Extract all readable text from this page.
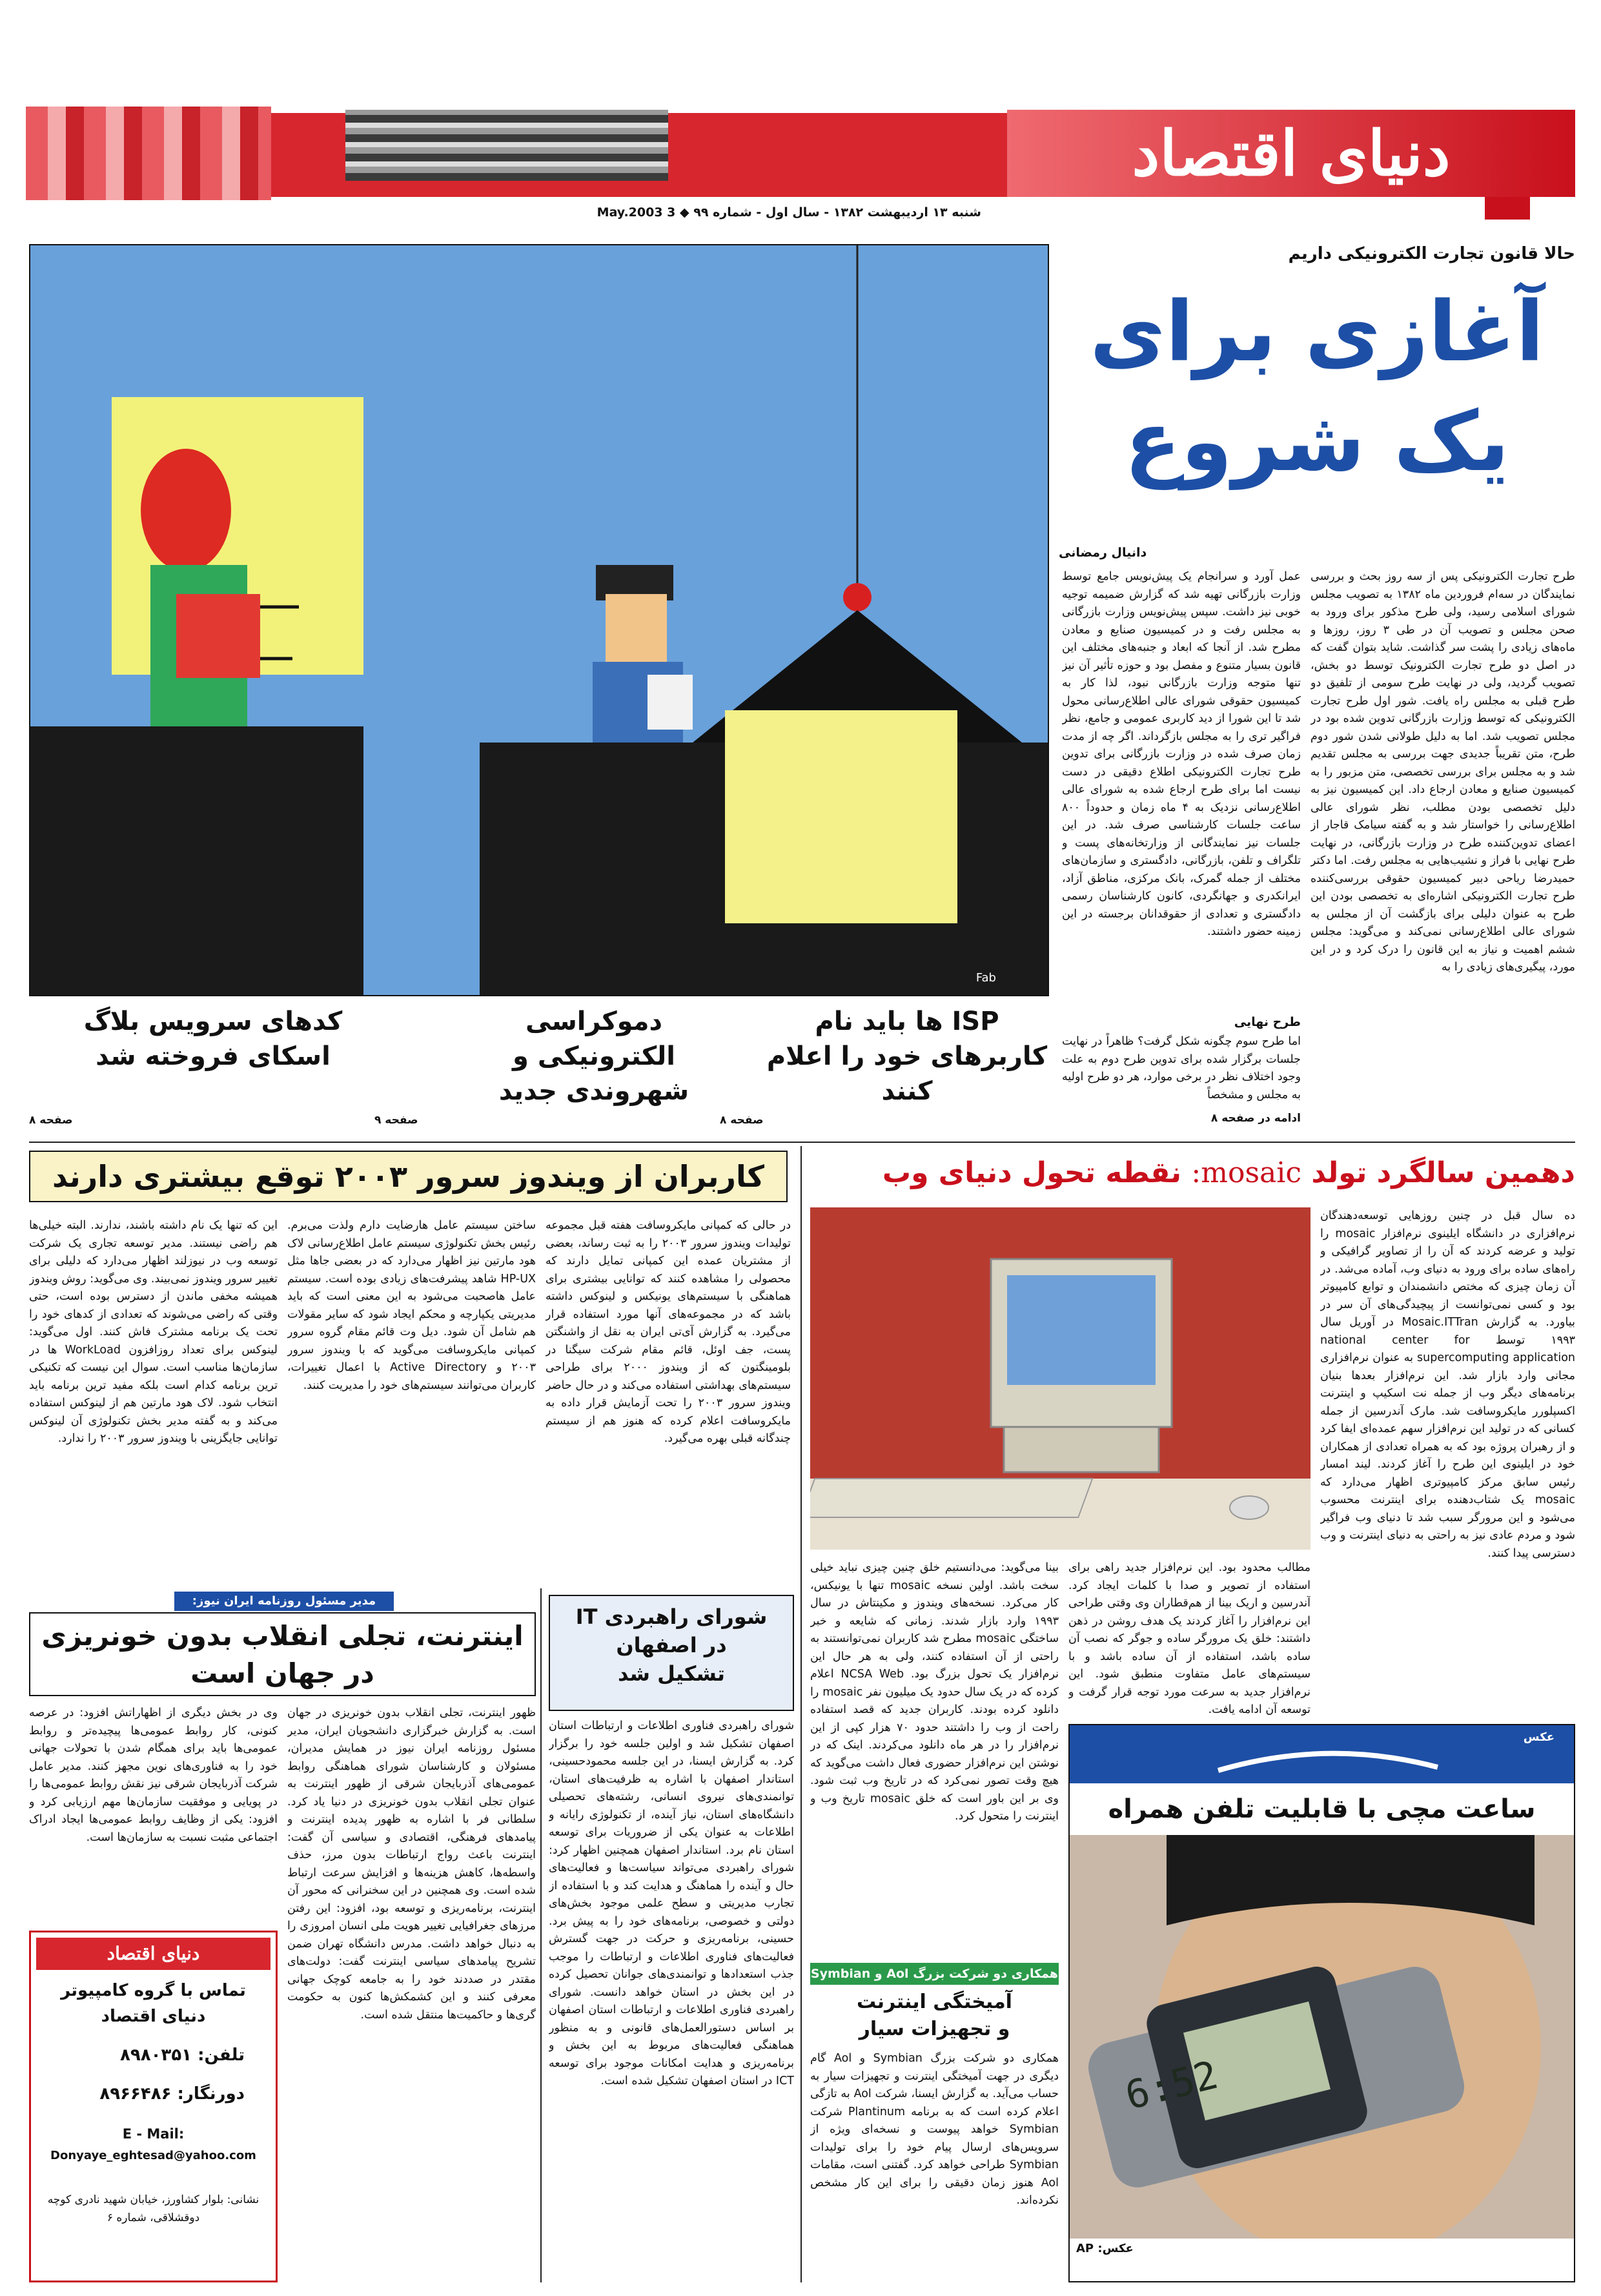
دنیای اقتصاد
شنبه ۱۳ اردیبهشت ۱۳۸۲ - سال اول - شماره ۹۹ ◆ 3 May.2003
Fab
حالا قانون تجارت الکترونیکی داریم
آغازی برای
یک شروع
دانیال رمضانی
طرح تجارت الکترونیکی پس از سه روز بحث و بررسی نمایندگان در سه‌ام فروردین ماه ۱۳۸۲ به تصویب مجلس شورای اسلامی رسید، ولی طرح مذکور برای ورود به صحن مجلس و تصویب آن در طی ۳ روز، روزها و ماه‌های زیادی را پشت سر گذاشت. شاید بتوان گفت که در اصل دو طرح تجارت الکترونیک توسط دو بخش، تصویب گردید، ولی در نهایت طرح سومی از تلفیق دو طرح قبلی به مجلس راه یافت. شور اول طرح تجارت الکترونیکی که توسط وزارت بازرگانی تدوین شده بود در مجلس تصویب شد. اما به دلیل طولانی شدن شور دوم طرح، متن تقریباً جدیدی جهت بررسی به مجلس تقدیم شد و به مجلس برای بررسی تخصصی، متن مزبور را به کمیسیون صنایع و معادن ارجاع داد. این کمیسیون نیز به دلیل تخصصی بودن مطلب، نظر شورای عالی اطلاع‌رسانی را خواستار شد و به گفته سیامک قاجار از اعضای تدوین‌کننده طرح در وزارت بازرگانی، در نهایت طرح نهایی با فراز و نشیب‌هایی به مجلس رفت. اما دکتر حمیدرضا ریاحی دبیر کمیسیون حقوقی بررسی‌کننده طرح تجارت الکترونیکی اشاره‌ای به تخصصی بودن این طرح به عنوان دلیلی برای بازگشت آن از مجلس به شورای عالی اطلاع‌رسانی نمی‌کند و می‌گوید: مجلس ششم اهمیت و نیاز به این قانون را درک کرد و در این مورد، پیگیری‌های زیادی را به
عمل آورد و سرانجام یک پیش‌نویس جامع توسط وزارت بازرگانی تهیه شد که گزارش ضمیمه توجیه خوبی نیز داشت. سپس پیش‌نویس وزارت بازرگانی به مجلس رفت و در کمیسیون صنایع و معادن مطرح شد. از آنجا که ابعاد و جنبه‌های مختلف این قانون بسیار متنوع و مفصل بود و حوزه تأثیر آن نیز تنها متوجه وزارت بازرگانی نبود، لذا کار به کمیسیون حقوقی شورای عالی اطلاع‌رسانی محول شد تا این شورا از دید کاربری عمومی و جامع، نظر فراگیر تری را به مجلس بازگرداند. اگر چه از مدت زمان صرف شده در وزارت بازرگانی برای تدوین طرح تجارت الکترونیکی اطلاع دقیقی در دست نیست اما برای طرح ارجاع شده به شورای عالی اطلاع‌رسانی نزدیک به ۴ ماه زمان و حدوداً ۸۰۰ ساعت جلسات کارشناسی صرف شد. در این جلسات نیز نمایندگانی از وزارتخانه‌های پست و تلگراف و تلفن، بازرگانی، دادگستری و سازمان‌های مختلف از جمله گمرک، بانک مرکزی، مناطق آزاد، ایرانکدری و جهانگردی، کانون کارشناسان رسمی دادگستری و تعدادی از حقوقدانان برجسته در این زمینه حضور داشتند.
طرح نهایی
اما طرح سوم چگونه شکل گرفت؟ ظاهراً در نهایت جلسات برگزار شده برای تدوین طرح دوم به علت وجود اختلاف نظر در برخی موارد، هر دو طرح اولیه به مجلس و مشخصاً
ادامه در صفحه ۸
ISP ها باید نام کاربرهای خود را اعلام کنند
صفحه ۸
دموکراسی الکترونیکی و شهروندی جدید
صفحه ۹
کدهای سرویس بلاگ اسکای فروخته شد
صفحه ۸
دهمین سالگرد تولد mosaic: نقطه تحول دنیای وب
ده سال قبل در چنین روزهایی توسعه‌دهندگان نرم‌افزاری در دانشگاه ایلینوی نرم‌افزار mosaic را تولید و عرضه کردند که آن را از تصاویر گرافیکی و راه‌های ساده برای ورود به دنیای وب، آماده می‌شد. در آن زمان چیزی که مختص دانشمندان و توابع کامپیوتر بود و کسی نمی‌توانست از پیچیدگی‌های آن سر در بیاورد. به گزارش Mosaic.ITTran در آوریل سال ۱۹۹۳ توسط national center for supercomputing application به عنوان نرم‌افزاری مجانی وارد بازار شد. این نرم‌افزار بعدها بنیان برنامه‌های دیگر وب از جمله نت اسکیپ و اینترنت اکسپلورر مایکروسافت شد. مارک آندرسین از جمله کسانی که در تولید این نرم‌افزار سهم عمده‌ای ایفا کرد و از رهبران پروژه بود که به همراه تعدادی از همکاران خود در ایلینوی این طرح را آغاز کردند. لیند امسار رئیس سابق مرکز کامپیوتری اظهار می‌دارد که mosaic یک شتاب‌دهنده برای اینترنت محسوب می‌شود و این مرورگر سبب شد تا دنیای وب فراگیر شود و مردم عادی نیز به راحتی به دنیای اینترنت و وب دسترسی پیدا کنند.
مطالب محدود بود. این نرم‌افزار جدید راهی برای استفاده از تصویر و صدا با کلمات ایجاد کرد. آندرسین و اریک بینا از هم‌قطاران وی وقتی طراحی این نرم‌افزار را آغاز کردند یک هدف روشن در ذهن داشتند: خلق یک مرورگر ساده و جوگر که نصب آن ساده باشد، استفاده از آن ساده باشد و با سیستم‌های عامل متفاوت منطبق شود. این نرم‌افزار جدید به سرعت مورد توجه قرار گرفت و توسعه آن ادامه یافت.
بینا می‌گوید: می‌دانستیم خلق چنین چیزی نباید خیلی سخت باشد. اولین نسخه mosaic تنها با یونیکس، کار می‌کرد. نسخه‌های ویندوز و مکینتاش در سال ۱۹۹۳ وارد بازار شدند. زمانی که شایعه و خبر ساختگی mosaic مطرح شد کاربران نمی‌توانستند به راحتی از آن استفاده کنند، ولی به هر حال این نرم‌افزار یک تحول بزرگ بود. NCSA Web اعلام کرده که در یک سال حدود یک میلیون نفر mosaic را دانلود کرده بودند. کاربران جدید که قصد استفاده راحت از وب را داشتند حدود ۷۰ هزار کپی از این نرم‌افزار را در هر ماه دانلود می‌کردند. اینک که در نوشتن این نرم‌افزار حضوری فعال داشت می‌گوید که هیچ وقت تصور نمی‌کرد که در تاریخ وب ثبت شود. وی بر این باور است که خلق mosaic تاریخ وب و اینترنت را متحول کرد.
کاربران از ویندوز سرور ۲۰۰۳ توقع بیشتری دارند
در حالی که کمپانی مایکروسافت هفته قبل مجموعه تولیدات ویندوز سرور ۲۰۰۳ را به ثبت رساند، بعضی از مشتریان عمده این کمپانی تمایل دارند که محصولی را مشاهده کنند که توانایی بیشتری برای هماهنگی با سیستم‌های یونیکس و لینوکس داشته باشد که در مجموعه‌های آنها مورد استفاده قرار می‌گیرد. به گزارش آی‌تی ایران به نقل از واشنگتن پست، جف اوئل، قائم مقام شرکت سیگنا در بلومینگتون که از ویندوز ۲۰۰۰ برای طراحی سیستم‌های بهداشتی استفاده می‌کند و در حال حاضر ویندوز سرور ۲۰۰۳ را تحت آزمایش قرار داده به مایکروسافت اعلام کرده که هنوز هم از سیستم چندگانه قبلی بهره می‌گیرد.
ساختن سیستم عامل هارضایت دارم ولذت می‌برم. رئیس بخش تکنولوژی سیستم عامل اطلاع‌رسانی لاک هود مارتین نیز اظهار می‌دارد که در بعضی جاها مثل HP-UX شاهد پیشرفت‌های زیادی بوده است. سیستم عامل هاصحبت می‌شود به این معنی است که باید مدیریتی یکپارچه و محکم ایجاد شود که سایر مقولات هم شامل آن شود. دیل وت قائم مقام گروه سرور کمپانی مایکروسافت می‌گوید که با ویندوز سرور ۲۰۰۳ و Active Directory با اعمال تغییرات، کاربران می‌توانند سیستم‌های خود را مدیریت کنند.
این که تنها یک نام داشته باشند، ندارند. البته خیلی‌ها هم راضی نیستند. مدیر توسعه تجاری یک شرکت توسعه وب در نیوزلند اظهار می‌دارد که دلیلی برای تغییر سرور ویندوز نمی‌بیند. وی می‌گوید: روش ویندوز همیشه مخفی ماندن از دسترس بوده است، حتی وقتی که راضی می‌شوند که تعدادی از کدهای خود را تحت یک برنامه مشترک فاش کنند. اول می‌گوید: لینوکس برای تعداد روزافزون WorkLoad ها در سازمان‌ها مناسب است. سوال این نیست که تکنیکی ترین برنامه کدام است بلکه مفید ترین برنامه باید انتخاب شود. لاک هود مارتین هم از لینوکس استفاده می‌کند و به گفته مدیر بخش تکنولوژی آن لینوکس توانایی جایگزینی با ویندوز سرور ۲۰۰۳ را ندارد.
عکس
ساعت مچی با قابلیت تلفن همراه
6:52
عکس: AP
همکاری دو شرکت بزرگ Aol و Symbian
آمیختگی اینترنت
و تجهیزات سیار
همکاری دو شرکت بزرگ Symbian و Aol گام دیگری در جهت آمیختگی اینترنت و تجهیزات سیار به حساب می‌آید. به گزارش ایسنا، شرکت Aol به تازگی اعلام کرده است که به برنامه Plantinum شرکت Symbian خواهد پیوست و نسخه‌ای ویژه از سرویس‌های ارسال پیام خود را برای تولیدات Symbian طراحی خواهد کرد. گفتنی است، مقامات Aol هنوز زمان دقیقی را برای این کار مشخص نکرده‌اند.
شورای راهبردی IT
در اصفهان
تشکیل شد
شورای راهبردی فناوری اطلاعات و ارتباطات استان اصفهان تشکیل شد و اولین جلسه خود را برگزار کرد. به گزارش ایسنا، در این جلسه محمودحسینی، استاندار اصفهان با اشاره به ظرفیت‌های استان، توانمندی‌های نیروی انسانی، رشته‌های تحصیلی دانشگاه‌های استان، نیاز آینده، از تکنولوژی رایانه و اطلاعات به عنوان یکی از ضروریات برای توسعه استان نام برد. استاندار اصفهان همچنین اظهار کرد: شورای راهبردی می‌تواند سیاست‌ها و فعالیت‌های حال و آینده را هماهنگ و هدایت کند و با استفاده از تجارب مدیریتی و سطح علمی موجود بخش‌های دولتی و خصوصی، برنامه‌های خود را به پیش برد. حسینی، برنامه‌ریزی و حرکت در جهت گسترش فعالیت‌های فناوری اطلاعات و ارتباطات را موجب جذب استعدادها و توانمندی‌های جوانان تحصیل کرده در این بخش در استان خواهد دانست. شورای راهبردی فناوری اطلاعات و ارتباطات استان اصفهان بر اساس دستورالعمل‌های قانونی و به منظور هماهنگی فعالیت‌های مربوط به این بخش و برنامه‌ریزی و هدایت امکانات موجود برای توسعه ICT در استان اصفهان تشکیل شده است.
مدیر مسئول روزنامه ایران نیوز:
اینترنت، تجلی انقلاب بدون خونریزی
در جهان است
ظهور اینترنت، تجلی انقلاب بدون خونریزی در جهان است. به گزارش خبرگزاری دانشجویان ایران، مدیر مسئول روزنامه ایران نیوز در همایش مدیران، مسئولان و کارشناسان شورای هماهنگی روابط عمومی‌های آذربایجان شرقی از ظهور اینترنت به عنوان تجلی انقلاب بدون خونریزی در دنیا یاد کرد. سلطانی فر با اشاره به ظهور پدیده اینترنت و پیامدهای فرهنگی، اقتصادی و سیاسی آن گفت: اینترنت باعث رواج ارتباطات بدون مرز، حذف واسطه‌ها، کاهش هزینه‌ها و افزایش سرعت ارتباط شده است. وی همچنین در این سخنرانی که محور آن اینترنت، برنامه‌ریزی و توسعه بود، افزود: این رفتن مرزهای جغرافیایی تغییر هویت ملی انسان امروزی را به دنبال خواهد داشت. مدرس دانشگاه تهران ضمن تشریح پیامدهای سیاسی اینترنت گفت: دولت‌های مقتدر در صددند خود را به جامعه کوچک جهانی معرفی کنند و این کشمکش‌ها کنون به حکومت گری‌ها و حاکمیت‌ها منتقل شده است.
وی در بخش دیگری از اظهاراتش افزود: در عرصه کنونی، کار روابط عمومی‌ها پیچیده‌تر و روابط عمومی‌ها باید برای همگام شدن با تحولات جهانی خود را به فناوری‌های نوین مجهز کنند. مدیر عامل شرکت آذربایجان شرقی نیز نقش روابط عمومی‌ها را در پویایی و موفقیت سازمان‌ها مهم ارزیابی کرد و افزود: یکی از وظایف روابط عمومی‌ها ایجاد ادراک اجتماعی مثبت نسبت به سازمان‌ها است.
دنیای اقتصاد
تماس با گروه کامپیوتر
دنیای اقتصاد
تلفن: ۸۹۸۰۳۵۱
دورنگار: ۸۹۶۶۴۸۶
E - Mail:
Donyaye_eghtesad@yahoo.com
نشانی: بلوار کشاورز، خیابان شهید نادری کوچه دوقشلاقی، شماره ۶
